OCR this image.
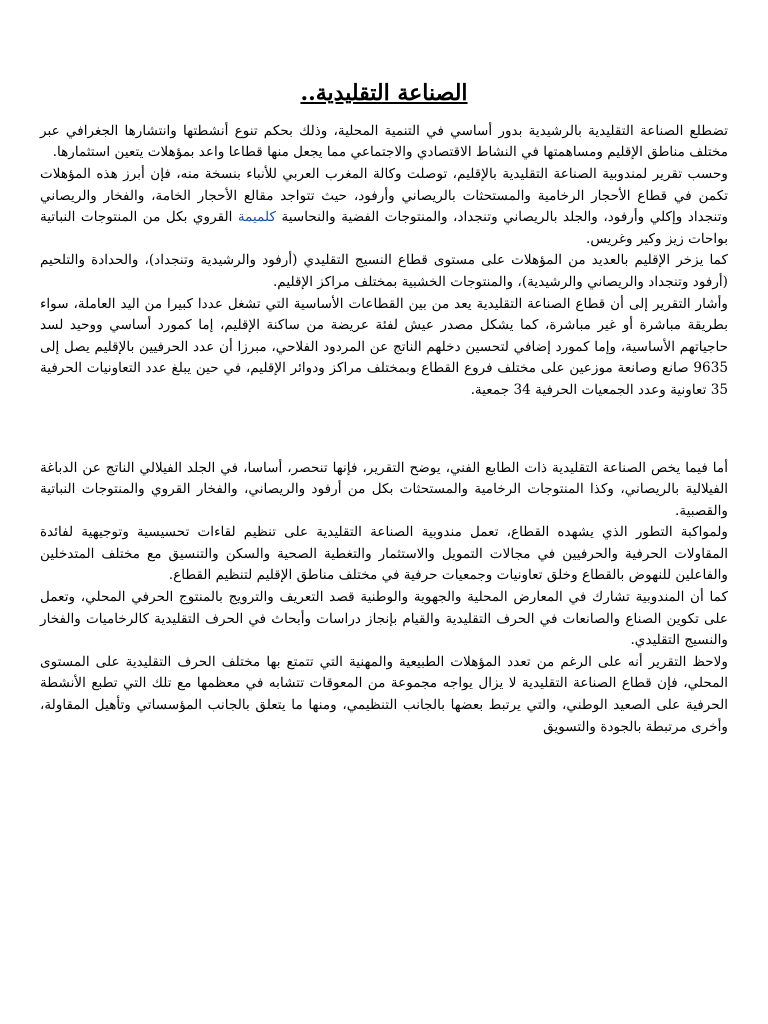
الصناعة التقليدية..

تضطلع الصناعة التقليدية بالرشيدية بدور أساسي في التنمية المحلية، وذلك بحكم تنوع أنشطتها وانتشارها الجغرافي عبر مختلف مناطق الإقليم ومساهمتها في النشاط الاقتصادي والاجتماعي مما يجعل منها قطاعا واعد بمؤهلات يتعين استثمارها.

وحسب تقرير لمندوبية الصناعة التقليدية بالإقليم، توصلت وكالة المغرب العربي للأنباء بنسخة منه، فإن أبرز هذه المؤهلات تكمن في قطاع الأحجار الرخامية والمستحثات بالريصاني وأرفود، حيث تتواجد مقالع الأحجار الخامة، والفخار والريصاني وتنجداد وإكلي وأرفود، والجلد بالريصاني وتنجداد، والمنتوجات الفضية والنحاسية كلميمة القروي بكل من المنتوجات النباتية بواحات زيز وكير وغريس.

كما يزخر الإقليم بالعديد من المؤهلات على مستوى قطاع النسيج التقليدي (أرفود والرشيدية وتنجداد)، والحدادة والتلحيم (أرفود وتنجداد والريصاني والرشيدية)، والمنتوجات الخشبية بمختلف مراكز الإقليم.

وأشار التقرير إلى أن قطاع الصناعة التقليدية يعد من بين القطاعات الأساسية التي تشغل عددا كبيرا من اليد العاملة، سواء بطريقة مباشرة أو غير مباشرة، كما يشكل مصدر عيش لفئة عريضة من ساكنة الإقليم، إما كمورد أساسي ووحيد لسد حاجياتهم الأساسية، وإما كمورد إضافي لتحسين دخلهم الناتج عن المردود الفلاحي، مبرزا أن عدد الحرفيين بالإقليم يصل إلى 9635 صانع وصانعة موزعين على مختلف فروع القطاع وبمختلف مراكز ودوائر الإقليم، في حين يبلغ عدد التعاونيات الحرفية 35 تعاونية وعدد الجمعيات الحرفية 34 جمعية.

أما فيما يخص الصناعة التقليدية ذات الطابع الفني، يوضح التقرير، فإنها تنحصر، أساسا، في الجلد الفيلالي الناتج عن الدباغة الفيلالية بالريصاني، وكذا المنتوجات الرخامية والمستحثات بكل من أرفود والريصاني، والفخار القروي والمنتوجات النباتية والقصبية.

ولمواكبة التطور الذي يشهده القطاع، تعمل مندوبية الصناعة التقليدية على تنظيم لقاءات تحسيسية وتوجيهية لفائدة المقاولات الحرفية والحرفيين في مجالات التمويل والاستثمار والتغطية الصحية والسكن والتنسيق مع مختلف المتدخلين والفاعلين للنهوض بالقطاع وخلق تعاونيات وجمعيات حرفية في مختلف مناطق الإقليم لتنظيم القطاع.

كما أن المندوبية تشارك في المعارض المحلية والجهوية والوطنية قصد التعريف والترويج بالمنتوج الحرفي المحلي، وتعمل على تكوين الصناع والصانعات في الحرف التقليدية والقيام بإنجاز دراسات وأبحاث في الحرف التقليدية كالرخاميات والفخار والنسيج التقليدي.

ولاحظ التقرير أنه على الرغم من تعدد المؤهلات الطبيعية والمهنية التي تتمتع بها مختلف الحرف التقليدية على المستوى المحلي، فإن قطاع الصناعة التقليدية لا يزال يواجه مجموعة من المعوقات تتشابه في معظمها مع تلك التي تطبع الأنشطة الحرفية على الصعيد الوطني، والتي يرتبط بعضها بالجانب التنظيمي، ومنها ما يتعلق بالجانب المؤسساتي وتأهيل المقاولة، وأخرى مرتبطة بالجودة والتسويق
